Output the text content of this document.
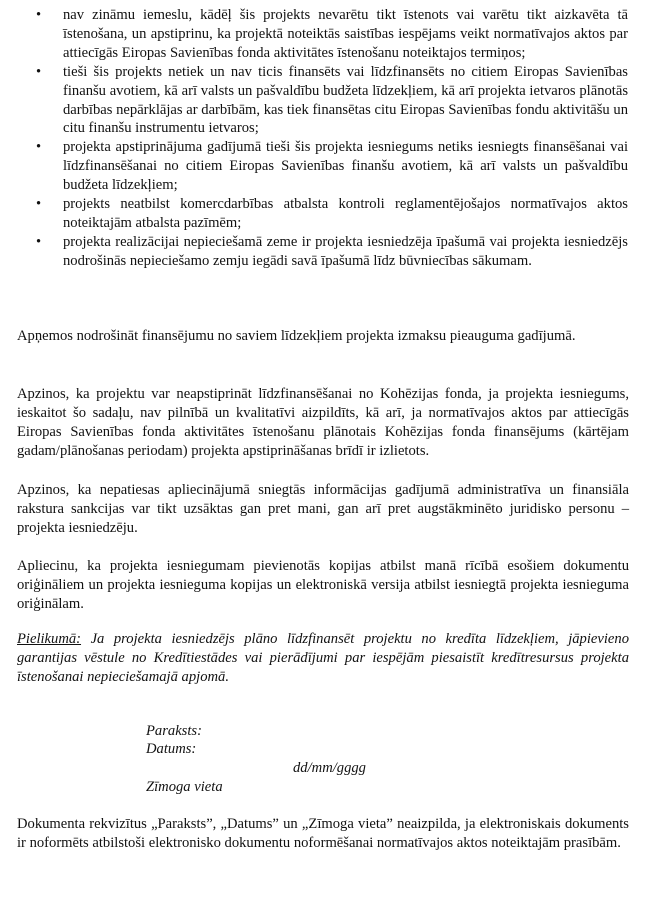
• nav zināmu iemeslu, kādēļ šis projekts nevarētu tikt īstenots vai varētu tikt aizkavēta tā īstenošana, un apstiprinu, ka projektā noteiktās saistības iespējams veikt normatīvajos aktos par attiecīgās Eiropas Savienības fonda aktivitātes īstenošanu noteiktajos termiņos;
• tieši šis projekts netiek un nav ticis finansēts vai līdzfinansēts no citiem Eiropas Savienības finanšu avotiem, kā arī valsts un pašvaldību budžeta līdzekļiem, kā arī projekta ietvaros plānotās darbības nepārklājas ar darbībām, kas tiek finansētas citu Eiropas Savienības fondu aktivitāšu un citu finanšu instrumentu ietvaros;
• projekta apstiprinājuma gadījumā tieši šis projekta iesniegums netiks iesniegts finansēšanai vai līdzfinansēšanai no citiem Eiropas Savienības finanšu avotiem, kā arī valsts un pašvaldību budžeta līdzekļiem;
• projekts neatbilst komercdarbības atbalsta kontroli reglamentējošajos normatīvajos aktos noteiktajām atbalsta pazīmēm;
• projekta realizācijai nepieciešamā zeme ir projekta iesniedzēja īpašumā vai projekta iesniedzējs nodrošinās nepieciešamo zemju iegādi savā īpašumā līdz būvniecības sākumam.

Apņemos nodrošināt finansējumu no saviem līdzekļiem projekta izmaksu pieauguma gadījumā.

Apzinos, ka projektu var neapstiprināt līdzfinansēšanai no Kohēzijas fonda, ja projekta iesniegums, ieskaitot šo sadaļu, nav pilnībā un kvalitatīvi aizpildīts, kā arī, ja normatīvajos aktos par attiecīgās Eiropas Savienības fonda aktivitātes īstenošanu plānotais Kohēzijas fonda finansējums (kārtējam gadam/plānošanas periodam) projekta apstiprināšanas brīdī ir izlietots.

Apzinos, ka nepatiesas apliecinājumā sniegtās informācijas gadījumā administratīva un finansiāla rakstura sankcijas var tikt uzsāktas gan pret mani, gan arī pret augstākminēto juridisko personu – projekta iesniedzēju.

Apliecinu, ka projekta iesniegumam pievienotās kopijas atbilst manā rīcībā esošiem dokumentu oriģināliem un projekta iesnieguma kopijas un elektroniskā versija atbilst iesniegtā projekta iesnieguma oriģinālam.

Pielikumā: Ja projekta iesniedzējs plāno līdzfinansēt projektu no kredīta līdzekļiem, jāpievieno garantijas vēstule no Kredītiestādes vai pierādījumi par iespējām piesaistīt kredītresursus projekta īstenošanai nepieciešamajā apjomā.

Paraksts:

Datums:

dd/mm/gggg

Zīmoga vieta

Dokumenta rekvizītus „Paraksts”, „Datums” un „Zīmoga vieta” neaizpilda, ja elektroniskais dokuments ir noformēts atbilstoši elektronisko dokumentu noformēšanai normatīvajos aktos noteiktajām prasībām.
